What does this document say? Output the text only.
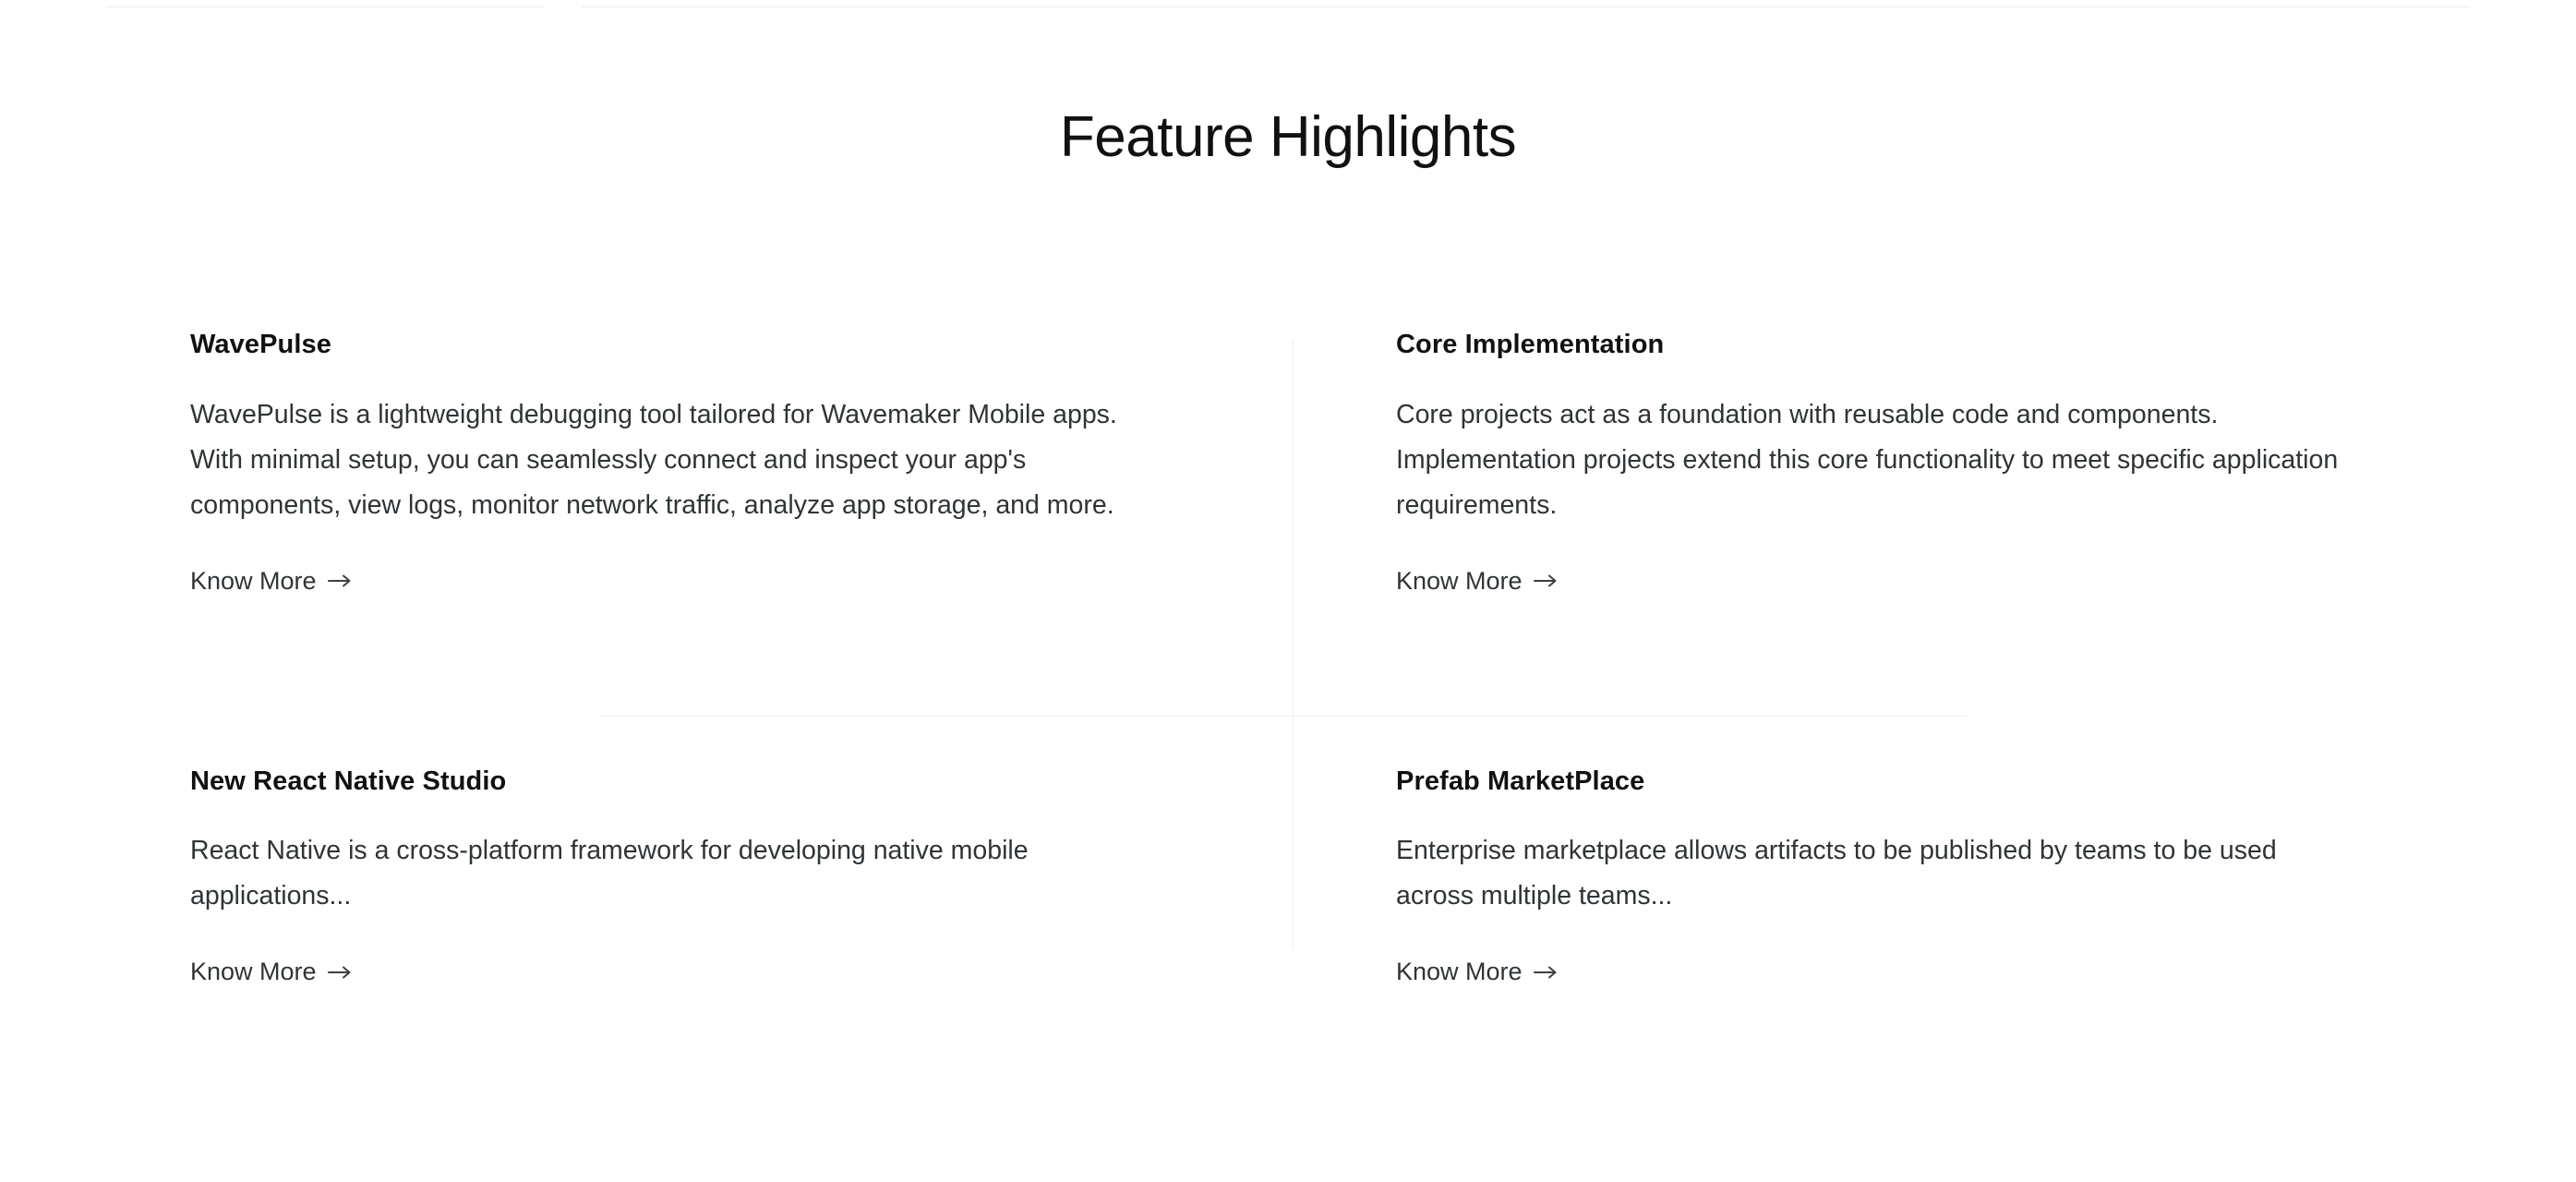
Feature Highlights
WavePulse

WavePulse is a lightweight debugging tool tailored for Wavemaker Mobile apps. With minimal setup, you can seamlessly connect and inspect your app's components, view logs, monitor network traffic, analyze app storage, and more.

Know More
Core Implementation

Core projects act as a foundation with reusable code and components. Implementation projects extend this core functionality to meet specific application requirements.

Know More
New React Native Studio

React Native is a cross-platform framework for developing native mobile applications...

Know More
Prefab MarketPlace

Enterprise marketplace allows artifacts to be published by teams to be used across multiple teams...

Know More
